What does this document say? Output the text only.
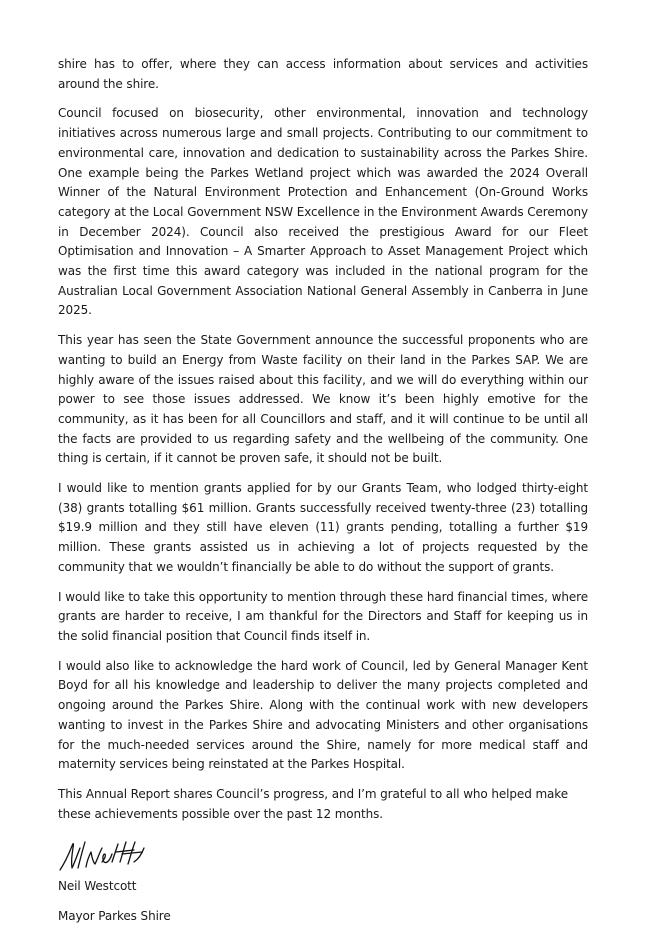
shire has to offer, where they can access information about services and activities around the shire.

Council focused on biosecurity, other environmental, innovation and technology initiatives across numerous large and small projects. Contributing to our commitment to environmental care, innovation and dedication to sustainability across the Parkes Shire. One example being the Parkes Wetland project which was awarded the 2024 Overall Winner of the Natural Environment Protection and Enhancement (On-Ground Works category at the Local Government NSW Excellence in the Environment Awards Ceremony in December 2024). Council also received the prestigious Award for our Fleet Optimisation and Innovation – A Smarter Approach to Asset Management Project which was the first time this award category was included in the national program for the Australian Local Government Association National General Assembly in Canberra in June 2025.

This year has seen the State Government announce the successful proponents who are wanting to build an Energy from Waste facility on their land in the Parkes SAP. We are highly aware of the issues raised about this facility, and we will do everything within our power to see those issues addressed. We know it’s been highly emotive for the community, as it has been for all Councillors and staff, and it will continue to be until all the facts are provided to us regarding safety and the wellbeing of the community. One thing is certain, if it cannot be proven safe, it should not be built.

I would like to mention grants applied for by our Grants Team, who lodged thirty-eight (38) grants totalling $61 million. Grants successfully received twenty-three (23) totalling $19.9 million and they still have eleven (11) grants pending, totalling a further $19 million. These grants assisted us in achieving a lot of projects requested by the community that we wouldn’t financially be able to do without the support of grants.

I would like to take this opportunity to mention through these hard financial times, where grants are harder to receive, I am thankful for the Directors and Staff for keeping us in the solid financial position that Council finds itself in.

I would also like to acknowledge the hard work of Council, led by General Manager Kent Boyd for all his knowledge and leadership to deliver the many projects completed and ongoing around the Parkes Shire. Along with the continual work with new developers wanting to invest in the Parkes Shire and advocating Ministers and other organisations for the much-needed services around the Shire, namely for more medical staff and maternity services being reinstated at the Parkes Hospital.

This Annual Report shares Council’s progress, and I’m grateful to all who helped make these achievements possible over the past 12 months.

Neil Westcott

Mayor Parkes Shire
